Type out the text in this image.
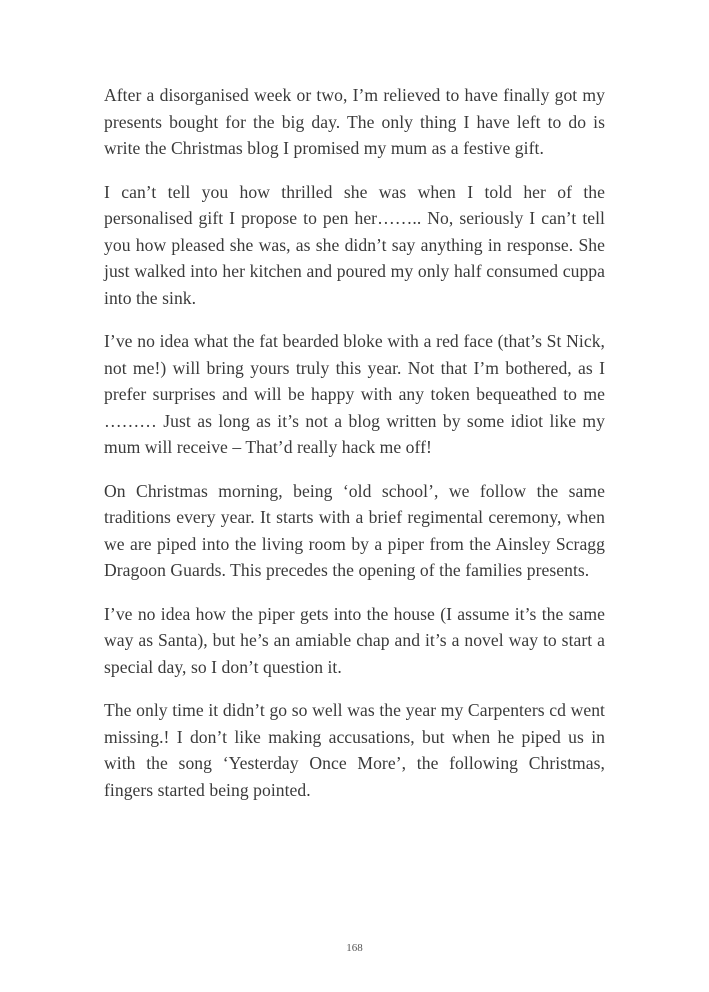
After a disorganised week or two, I’m relieved to have finally got my presents bought for the big day. The only thing I have left to do is write the Christmas blog I promised my mum as a festive gift.

I can’t tell you how thrilled she was when I told her of the personalised gift I propose to pen her…….. No, seriously I can’t tell you how pleased she was, as she didn’t say anything in response. She just walked into her kitchen and poured my only half consumed cuppa into the sink.

I’ve no idea what the fat bearded bloke with a red face (that’s St Nick, not me!) will bring yours truly this year. Not that I’m bothered, as I prefer surprises and will be happy with any token bequeathed to me ……… Just as long as it’s not a blog written by some idiot like my mum will receive – That’d really hack me off!

On Christmas morning, being ‘old school’, we follow the same traditions every year. It starts with a brief regimental ceremony, when we are piped into the living room by a piper from the Ainsley Scragg Dragoon Guards. This precedes the opening of the families presents.

I’ve no idea how the piper gets into the house (I assume it’s the same way as Santa), but he’s an amiable chap and it’s a novel way to start a special day, so I don’t question it.

The only time it didn’t go so well was the year my Carpenters cd went missing.! I don’t like making accusations, but when he piped us in with the song ‘Yesterday Once More’, the following Christmas, fingers started being pointed.

168
